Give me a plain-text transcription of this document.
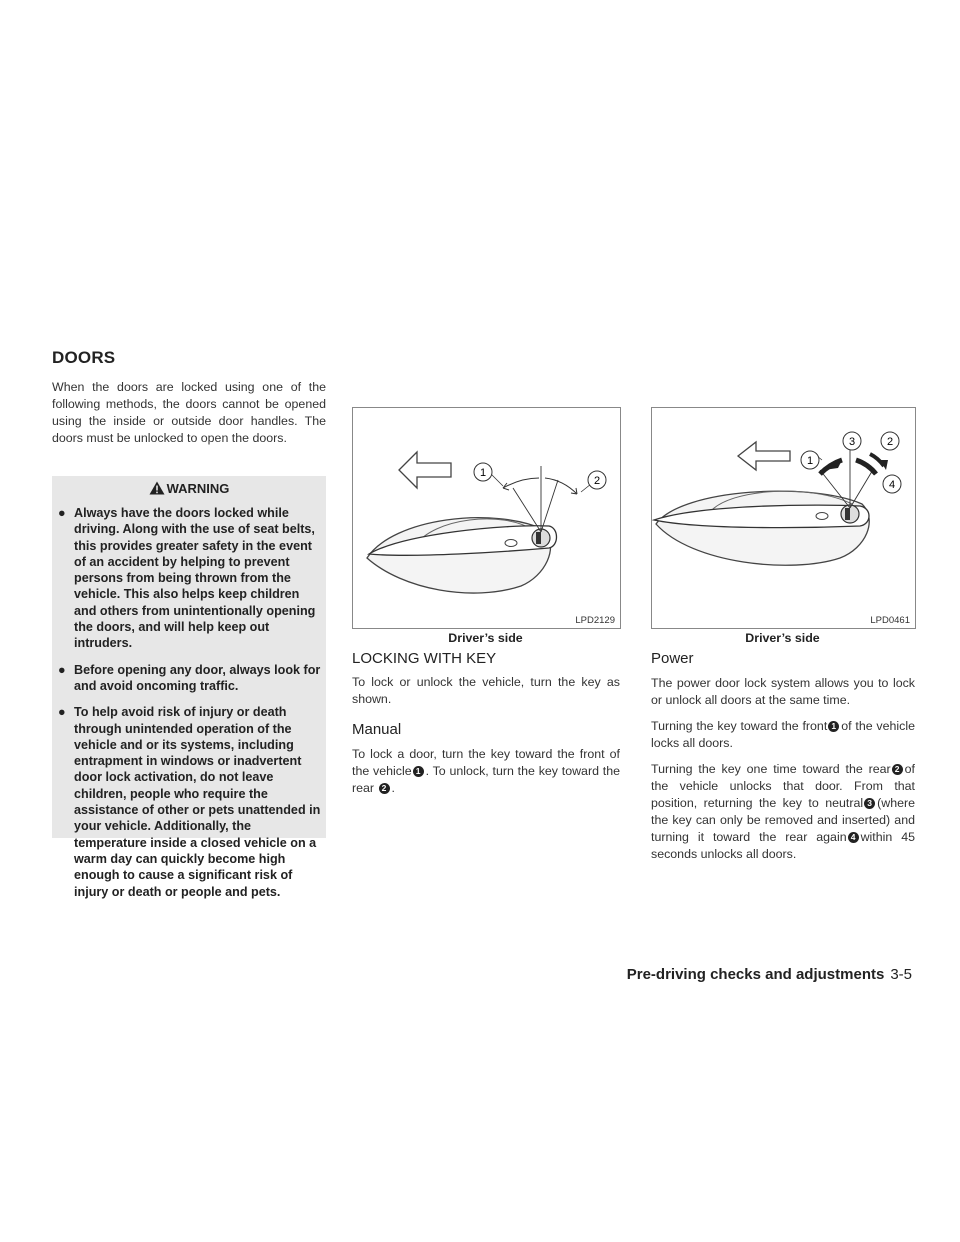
DOORS

When the doors are locked using one of the following methods, the doors cannot be opened using the inside or outside door handles. The doors must be unlocked to open the doors.

WARNING
● Always have the doors locked while driving. Along with the use of seat belts, this provides greater safety in the event of an accident by helping to prevent persons from being thrown from the vehicle. This also helps keep children and others from unintentionally opening the doors, and will help keep out intruders.
● Before opening any door, always look for and avoid oncoming traffic.
● To help avoid risk of injury or death through unintended operation of the vehicle and or its systems, including entrapment in windows or inadvertent door lock activation, do not leave children, people who require the assistance of other or pets unattended in your vehicle. Additionally, the temperature inside a closed vehicle on a warm day can quickly become high enough to cause a significant risk of injury or death or people and pets.
1
2
LPD2129
Driver’s side
1
2
3
4
LPD0461
Driver’s side
LOCKING WITH KEY

To lock or unlock the vehicle, turn the key as shown.

Manual

To lock a door, turn the key toward the front of the vehicle 1 . To unlock, turn the key toward the rear 2 .

Power

The power door lock system allows you to lock or unlock all doors at the same time.

Turning the key toward the front 1 of the vehicle locks all doors.

Turning the key one time toward the rear 2 of the vehicle unlocks that door. From that position, returning the key to neutral 3 (where the key can only be removed and inserted) and turning it toward the rear again 4 within 45 seconds unlocks all doors.

Pre-driving checks and adjustments 3-5
